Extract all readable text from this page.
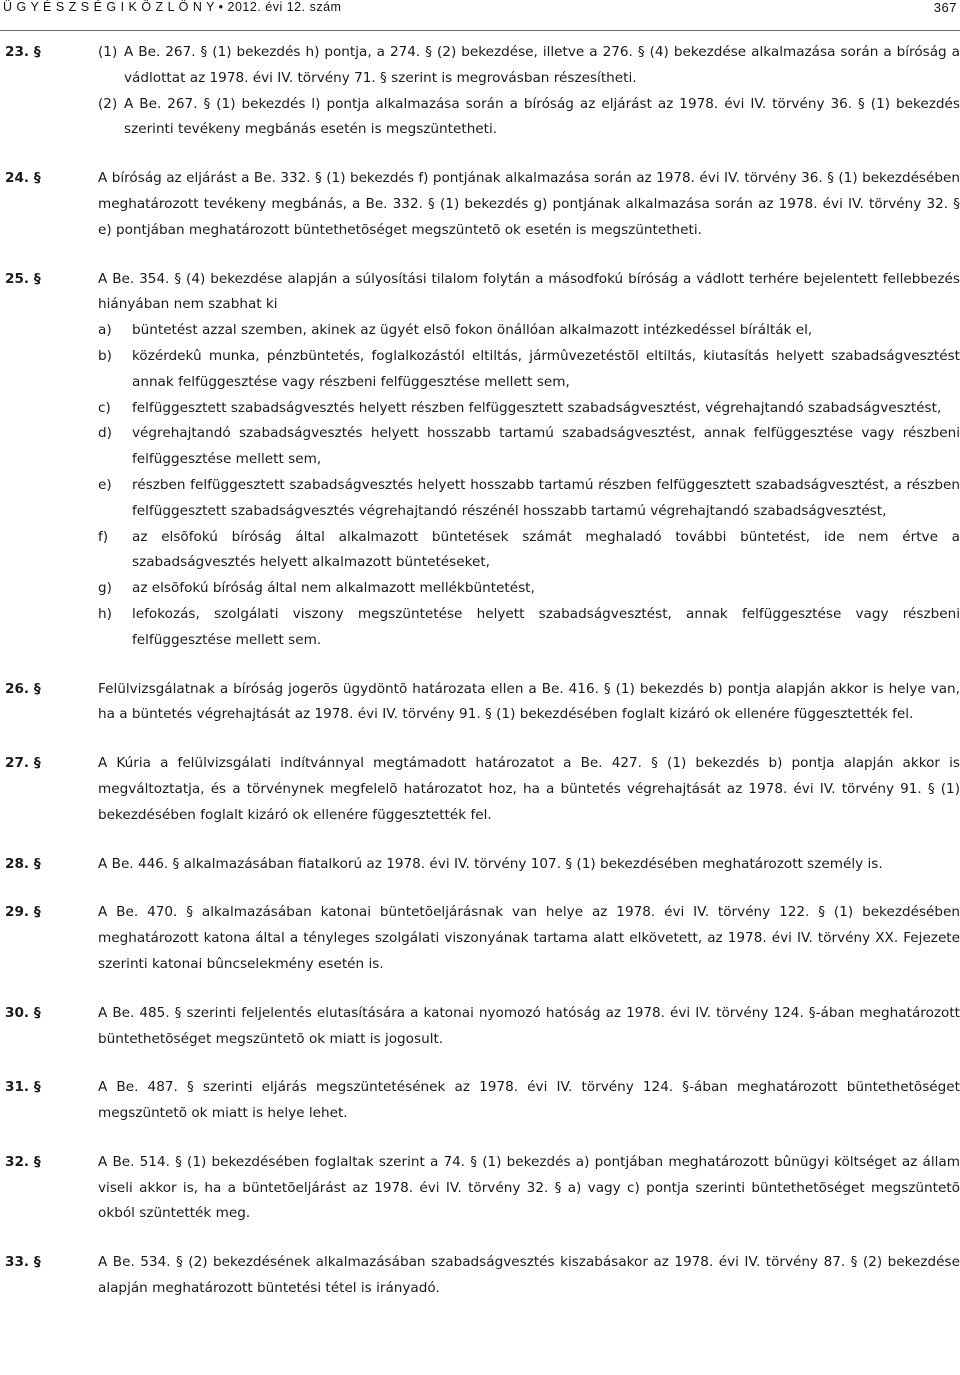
Ü G Y É S Z S É G I K Ö Z L Ö N Y • 2012. évi 12. szám	367
23. §	(1) A Be. 267. § (1) bekezdés h) pontja, a 274. § (2) bekezdése, illetve a 276. § (4) bekezdése alkalmazása során a bíróság a vádlottat az 1978. évi IV. törvény 71. § szerint is megrovásban részesítheti.
(2) A Be. 267. § (1) bekezdés l) pontja alkalmazása során a bíróság az eljárást az 1978. évi IV. törvény 36. § (1) bekezdés szerinti tevékeny megbánás esetén is megszüntetheti.
24. §	A bíróság az eljárást a Be. 332. § (1) bekezdés f) pontjának alkalmazása során az 1978. évi IV. törvény 36. § (1) bekezdésében meghatározott tevékeny megbánás, a Be. 332. § (1) bekezdés g) pontjának alkalmazása során az 1978. évi IV. törvény 32. § e) pontjában meghatározott büntethetõséget megszüntetõ ok esetén is megszüntetheti.
25. §	A Be. 354. § (4) bekezdése alapján a súlyosítási tilalom folytán a másodfokú bíróság a vádlott terhére bejelentett fellebbezés hiányában nem szabhat ki
a) büntetést azzal szemben, akinek az ügyét elsõ fokon önállóan alkalmazott intézkedéssel bírálták el,
b) közérdekû munka, pénzbüntetés, foglalkozástól eltiltás, jármûvezetéstõl eltiltás, kiutasítás helyett szabadságvesztést annak felfüggesztése vagy részbeni felfüggesztése mellett sem,
c) felfüggesztett szabadságvesztés helyett részben felfüggesztett szabadságvesztést, végrehajtandó szabadságvesztést,
d) végrehajtandó szabadságvesztés helyett hosszabb tartamú szabadságvesztést, annak felfüggesztése vagy részbeni felfüggesztése mellett sem,
e) részben felfüggesztett szabadságvesztés helyett hosszabb tartamú részben felfüggesztett szabadságvesztést, a részben felfüggesztett szabadságvesztés végrehajtandó részénél hosszabb tartamú végrehajtandó szabadságvesztést,
f) az elsõfokú bíróság által alkalmazott büntetések számát meghaladó további büntetést, ide nem értve a szabadságvesztés helyett alkalmazott büntetéseket,
g) az elsõfokú bíróság által nem alkalmazott mellékbüntetést,
h) lefokozás, szolgálati viszony megszüntetése helyett szabadságvesztést, annak felfüggesztése vagy részbeni felfüggesztése mellett sem.
26. §	Felülvizsgálatnak a bíróság jogerõs ügydöntõ határozata ellen a Be. 416. § (1) bekezdés b) pontja alapján akkor is helye van, ha a büntetés végrehajtását az 1978. évi IV. törvény 91. § (1) bekezdésében foglalt kizáró ok ellenére függesztették fel.
27. §	A Kúria a felülvizsgálati indítvánnyal megtámadott határozatot a Be. 427. § (1) bekezdés b) pontja alapján akkor is megváltoztatja, és a törvénynek megfelelõ határozatot hoz, ha a büntetés végrehajtását az 1978. évi IV. törvény 91. § (1) bekezdésében foglalt kizáró ok ellenére függesztették fel.
28. §	A Be. 446. § alkalmazásában fiatalkorú az 1978. évi IV. törvény 107. § (1) bekezdésében meghatározott személy is.
29. §	A Be. 470. § alkalmazásában katonai büntetõeljárásnak van helye az 1978. évi IV. törvény 122. § (1) bekezdésében meghatározott katona által a tényleges szolgálati viszonyának tartama alatt elkövetett, az 1978. évi IV. törvény XX. Fejezete szerinti katonai bûncselekmény esetén is.
30. §	A Be. 485. § szerinti feljelentés elutasítására a katonai nyomozó hatóság az 1978. évi IV. törvény 124. §-ában meghatározott büntethetõséget megszüntetõ ok miatt is jogosult.
31. §	A Be. 487. § szerinti eljárás megszüntetésének az 1978. évi IV. törvény 124. §-ában meghatározott büntethetõséget megszüntetõ ok miatt is helye lehet.
32. §	A Be. 514. § (1) bekezdésében foglaltak szerint a 74. § (1) bekezdés a) pontjában meghatározott bûnügyi költséget az állam viseli akkor is, ha a büntetõeljárást az 1978. évi IV. törvény 32. § a) vagy c) pontja szerinti büntethetõséget megszüntetõ okból szüntették meg.
33. §	A Be. 534. § (2) bekezdésének alkalmazásában szabadságvesztés kiszabásakor az 1978. évi IV. törvény 87. § (2) bekezdése alapján meghatározott büntetési tétel is irányadó.
